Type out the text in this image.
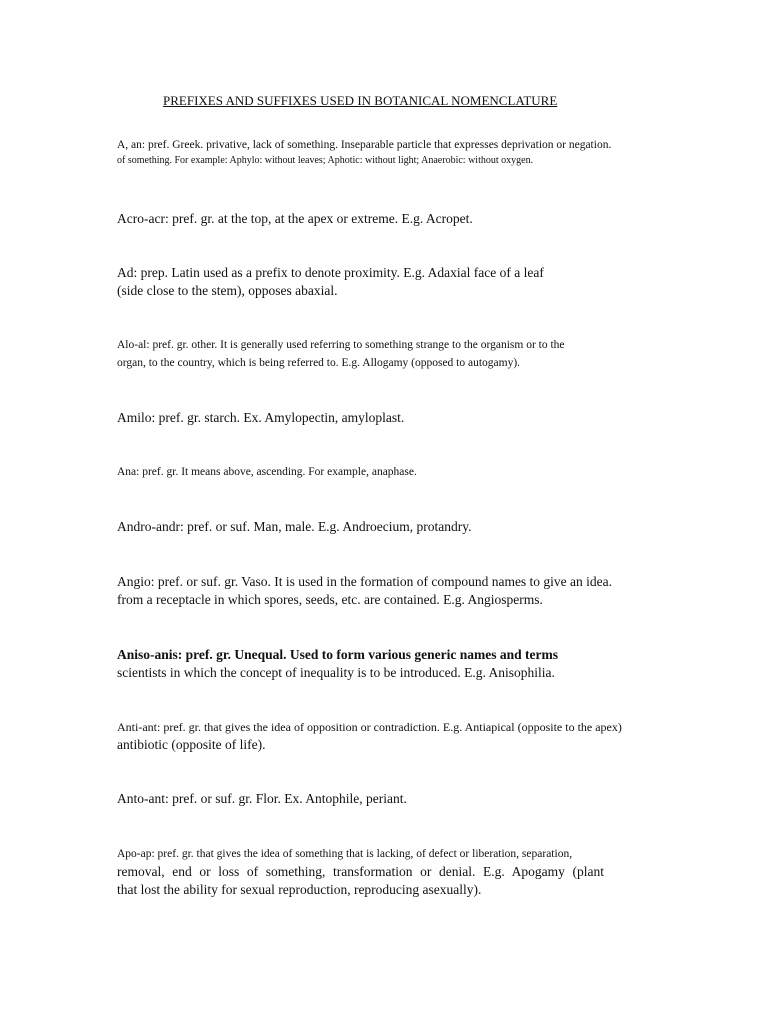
PREFIXES AND SUFFIXES USED IN BOTANICAL NOMENCLATURE
A, an: pref. Greek. privative, lack of something. Inseparable particle that expresses deprivation or negation.
of something. For example: Aphylo: without leaves; Aphotic: without light; Anaerobic: without oxygen.
Acro-acr: pref. gr. at the top, at the apex or extreme. E.g. Acropet.
Ad: prep. Latin used as a prefix to denote proximity. E.g. Adaxial face of a leaf
(side close to the stem), opposes abaxial.
Alo-al: pref. gr. other. It is generally used referring to something strange to the organism or to the
organ, to the country, which is being referred to. E.g. Allogamy (opposed to autogamy).
Amilo: pref. gr. starch. Ex. Amylopectin, amyloplast.
Ana: pref. gr. It means above, ascending. For example, anaphase.
Andro-andr: pref. or suf. Man, male. E.g. Androecium, protandry.
Angio: pref. or suf. gr. Vaso. It is used in the formation of compound names to give an idea.
from a receptacle in which spores, seeds, etc. are contained. E.g. Angiosperms.
Aniso-anis: pref. gr. Unequal. Used to form various generic names and terms
scientists in which the concept of inequality is to be introduced. E.g. Anisophilia.
Anti-ant: pref. gr. that gives the idea of opposition or contradiction. E.g. Antiapical (opposite to the apex)
antibiotic (opposite of life).
Anto-ant: pref. or suf. gr. Flor. Ex. Antophile, periant.
Apo-ap: pref. gr. that gives the idea of something that is lacking, of defect or liberation, separation,
removal, end or loss of something, transformation or denial. E.g. Apogamy (plant
that lost the ability for sexual reproduction, reproducing asexually).
